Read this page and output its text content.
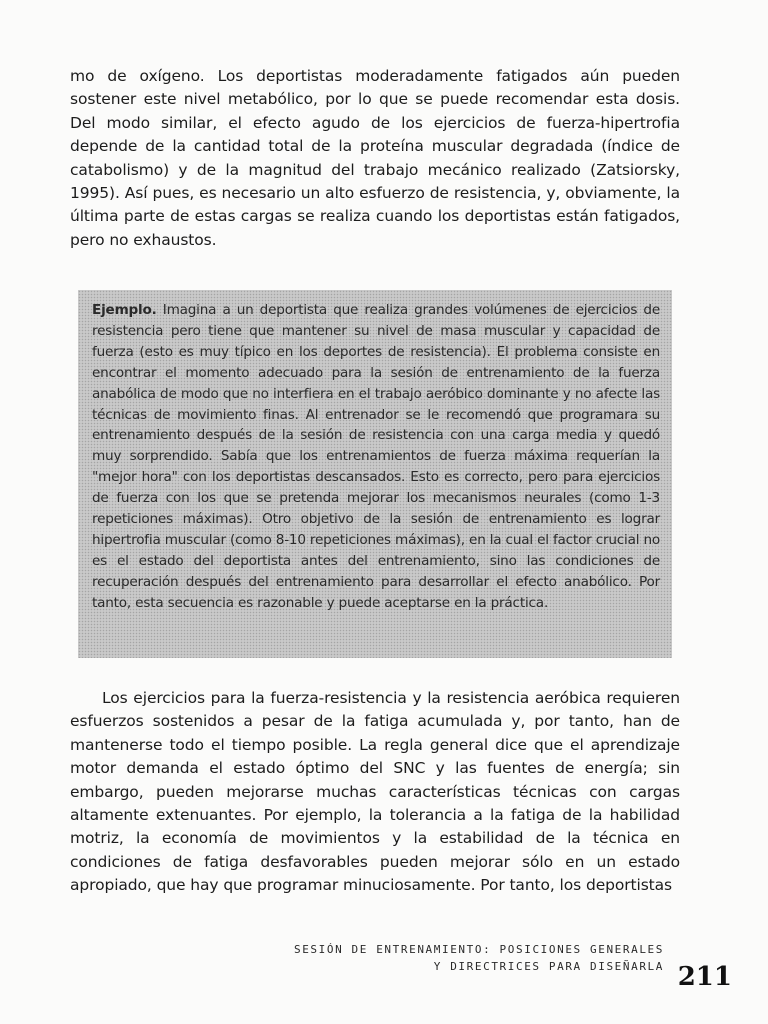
mo de oxígeno. Los deportistas moderadamente fatigados aún pueden sostener este nivel metabólico, por lo que se puede recomendar esta dosis. Del modo similar, el efecto agudo de los ejercicios de fuerza-hipertrofia depende de la cantidad total de la proteína muscular degradada (índice de catabolismo) y de la magnitud del trabajo mecánico realizado (Zatsiorsky, 1995). Así pues, es necesario un alto esfuerzo de resistencia, y, obviamente, la última parte de estas cargas se realiza cuando los deportistas están fatigados, pero no exhaustos.

Ejemplo. Imagina a un deportista que realiza grandes volúmenes de ejercicios de resistencia pero tiene que mantener su nivel de masa muscular y capacidad de fuerza (esto es muy típico en los deportes de resistencia). El problema consiste en encontrar el momento adecuado para la sesión de entrenamiento de la fuerza anabólica de modo que no interfiera en el trabajo aeróbico dominante y no afecte las técnicas de movimiento finas. Al entrenador se le recomendó que programara su entrenamiento después de la sesión de resistencia con una carga media y quedó muy sorprendido. Sabía que los entrenamientos de fuerza máxima requerían la "mejor hora" con los deportistas descansados. Esto es correcto, pero para ejercicios de fuerza con los que se pretenda mejorar los mecanismos neurales (como 1-3 repeticiones máximas). Otro objetivo de la sesión de entrenamiento es lograr hipertrofia muscular (como 8-10 repeticiones máximas), en la cual el factor crucial no es el estado del deportista antes del entrenamiento, sino las condiciones de recuperación después del entrenamiento para desarrollar el efecto anabólico. Por tanto, esta secuencia es razonable y puede aceptarse en la práctica.

Los ejercicios para la fuerza-resistencia y la resistencia aeróbica requieren esfuerzos sostenidos a pesar de la fatiga acumulada y, por tanto, han de mantenerse todo el tiempo posible. La regla general dice que el aprendizaje motor demanda el estado óptimo del SNC y las fuentes de energía; sin embargo, pueden mejorarse muchas características técnicas con cargas altamente extenuantes. Por ejemplo, la tolerancia a la fatiga de la habilidad motriz, la economía de movimientos y la estabilidad de la técnica en condiciones de fatiga desfavorables pueden mejorar sólo en un estado apropiado, que hay que programar minuciosamente. Por tanto, los deportistas

SESIÓN DE ENTRENAMIENTO: POSICIONES GENERALES
Y DIRECTRICES PARA DISEÑARLA 211
